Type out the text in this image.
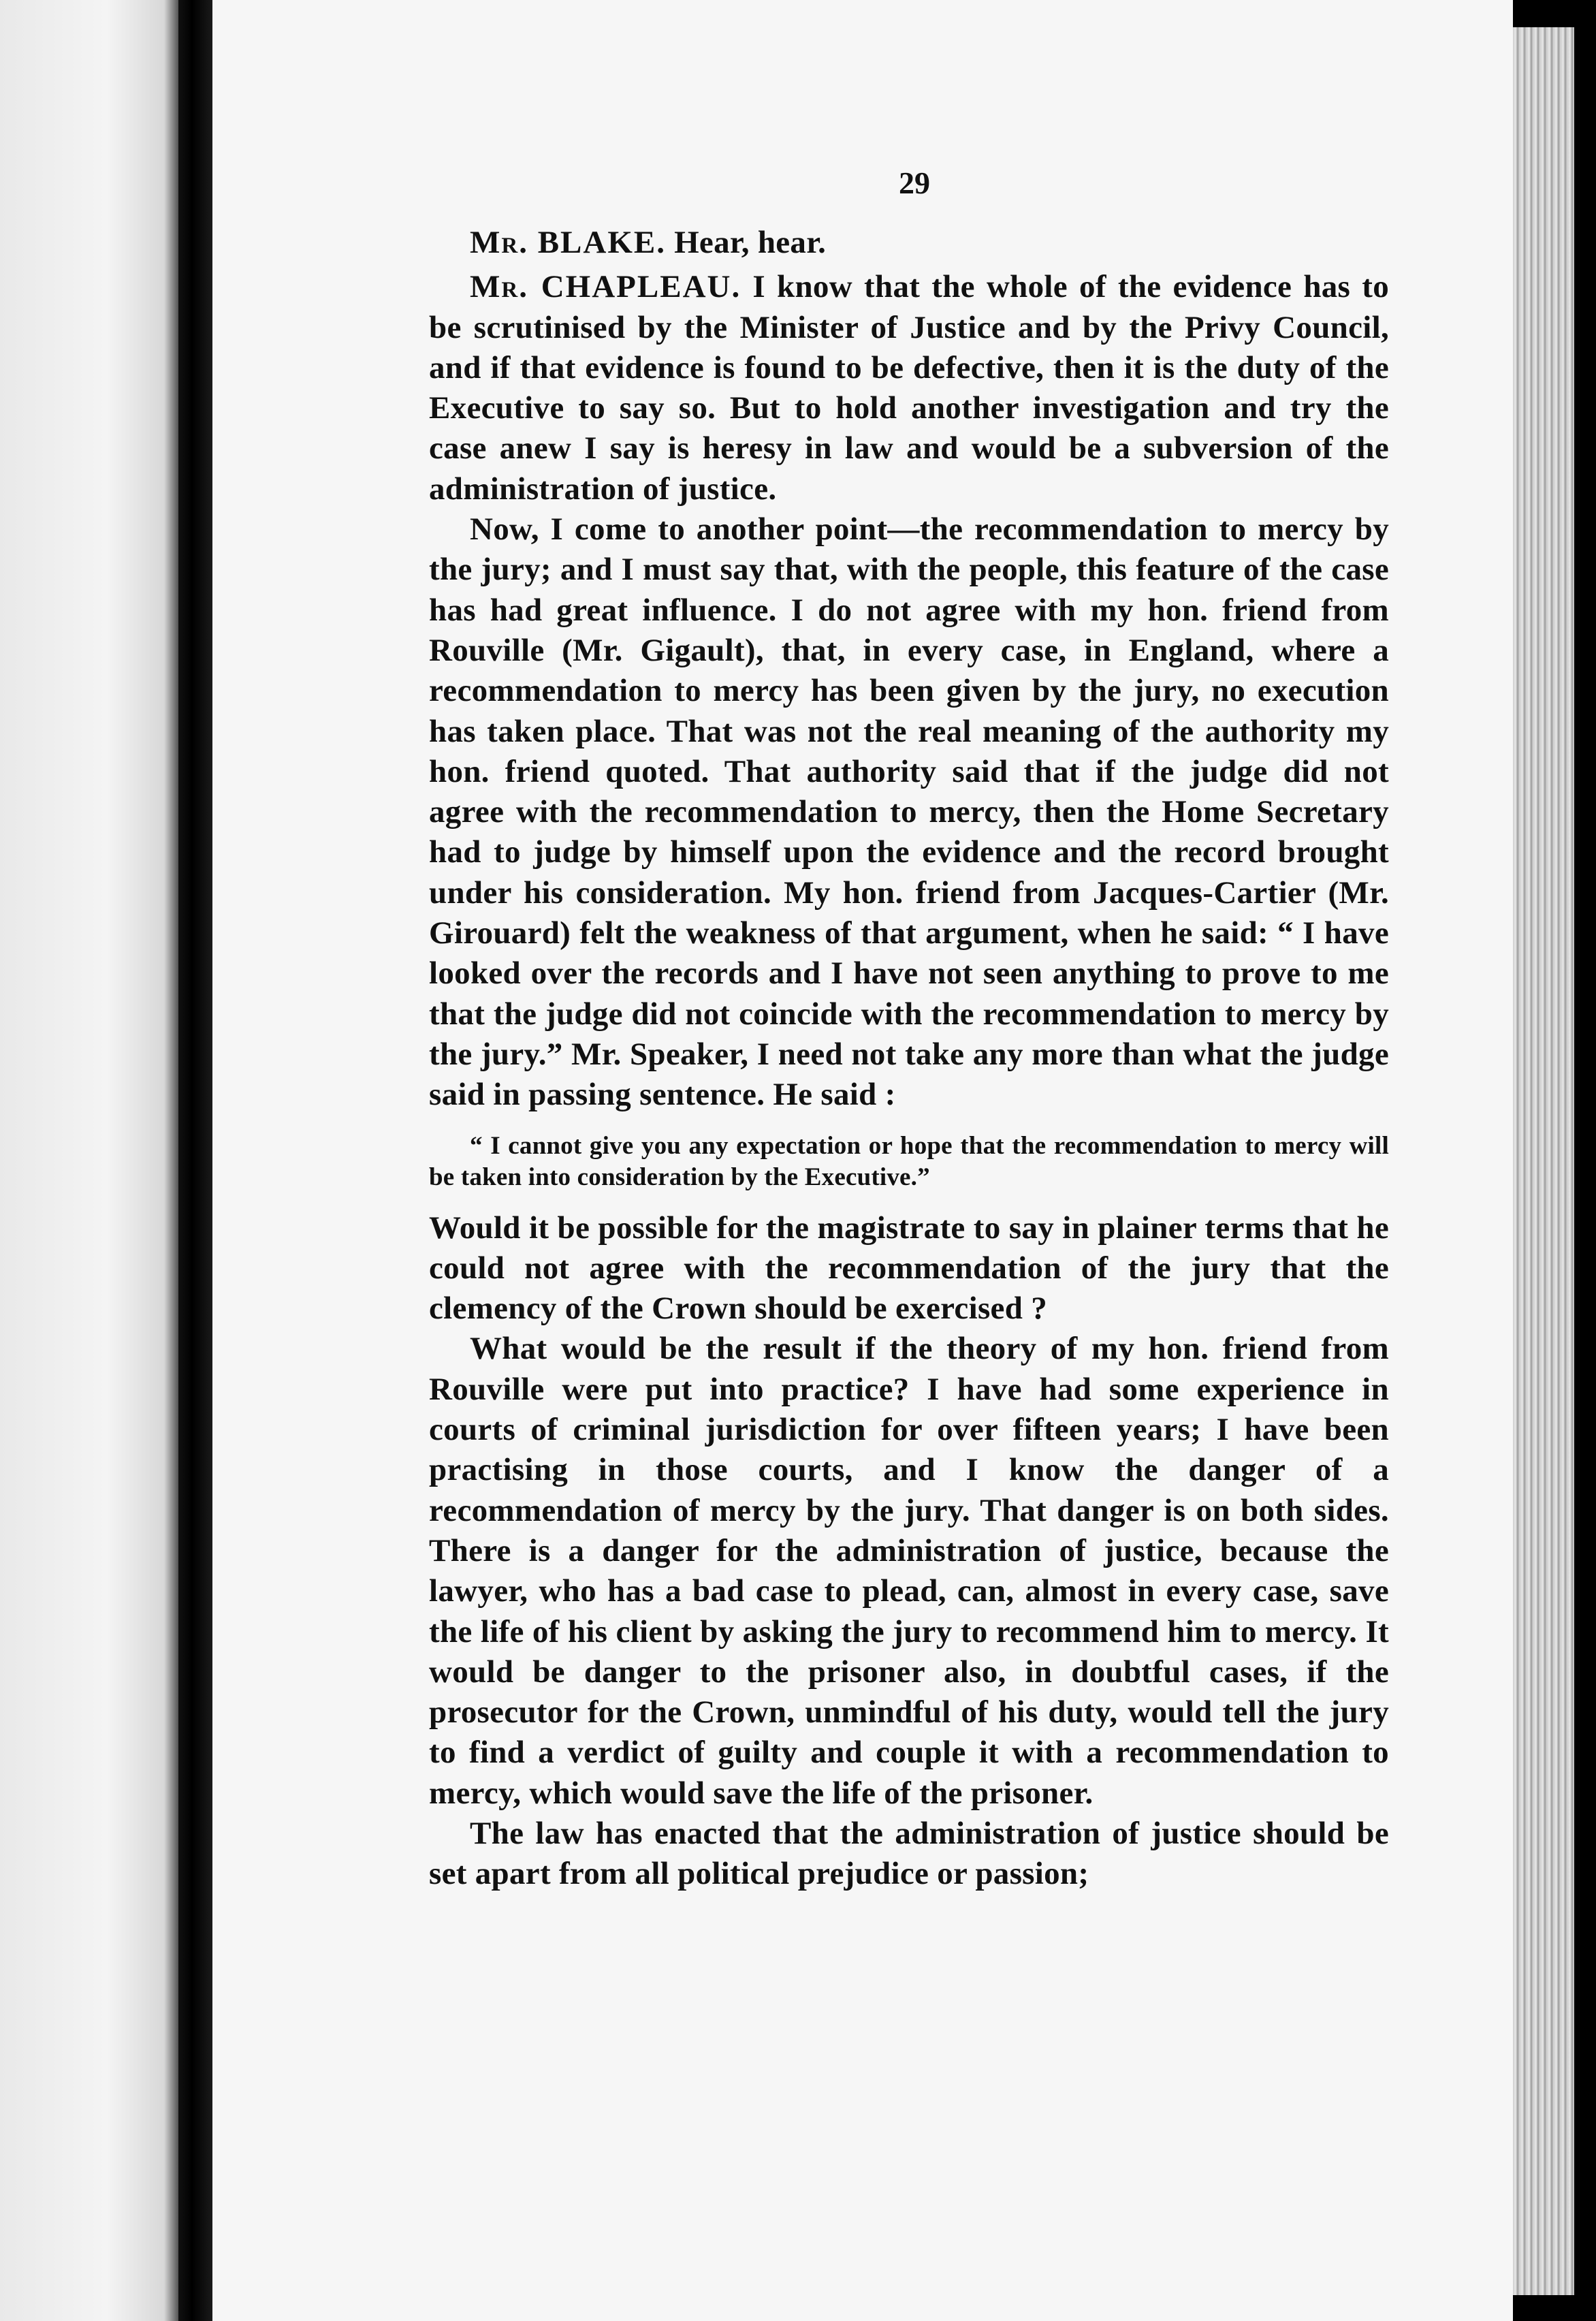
29

Mr. BLAKE. Hear, hear.

Mr. CHAPLEAU. I know that the whole of the evidence has to be scrutinised by the Minister of Justice and by the Privy Council, and if that evidence is found to be defective, then it is the duty of the Executive to say so. But to hold another investigation and try the case anew I say is heresy in law and would be a subversion of the administration of justice.

Now, I come to another point—the recommendation to mercy by the jury; and I must say that, with the people, this feature of the case has had great influence. I do not agree with my hon. friend from Rouville (Mr. Gigault), that, in every case, in England, where a recommendation to mercy has been given by the jury, no execution has taken place. That was not the real meaning of the authority my hon. friend quoted. That authority said that if the judge did not agree with the recommendation to mercy, then the Home Secretary had to judge by himself upon the evidence and the record brought under his consideration. My hon. friend from Jacques-Cartier (Mr. Girouard) felt the weakness of that argument, when he said: “ I have looked over the records and I have not seen anything to prove to me that the judge did not coincide with the recommendation to mercy by the jury.” Mr. Speaker, I need not take any more than what the judge said in passing sentence. He said :

“ I cannot give you any expectation or hope that the recommendation to mercy will be taken into consideration by the Executive.”

Would it be possible for the magistrate to say in plainer terms that he could not agree with the recommendation of the jury that the clemency of the Crown should be exercised ?

What would be the result if the theory of my hon. friend from Rouville were put into practice? I have had some experience in courts of criminal jurisdiction for over fifteen years; I have been practising in those courts, and I know the danger of a recommendation of mercy by the jury. That danger is on both sides. There is a danger for the administration of justice, because the lawyer, who has a bad case to plead, can, almost in every case, save the life of his client by asking the jury to recommend him to mercy. It would be danger to the prisoner also, in doubtful cases, if the prosecutor for the Crown, unmindful of his duty, would tell the jury to find a verdict of guilty and couple it with a recommendation to mercy, which would save the life of the prisoner.

The law has enacted that the administration of justice should be set apart from all political prejudice or passion;
